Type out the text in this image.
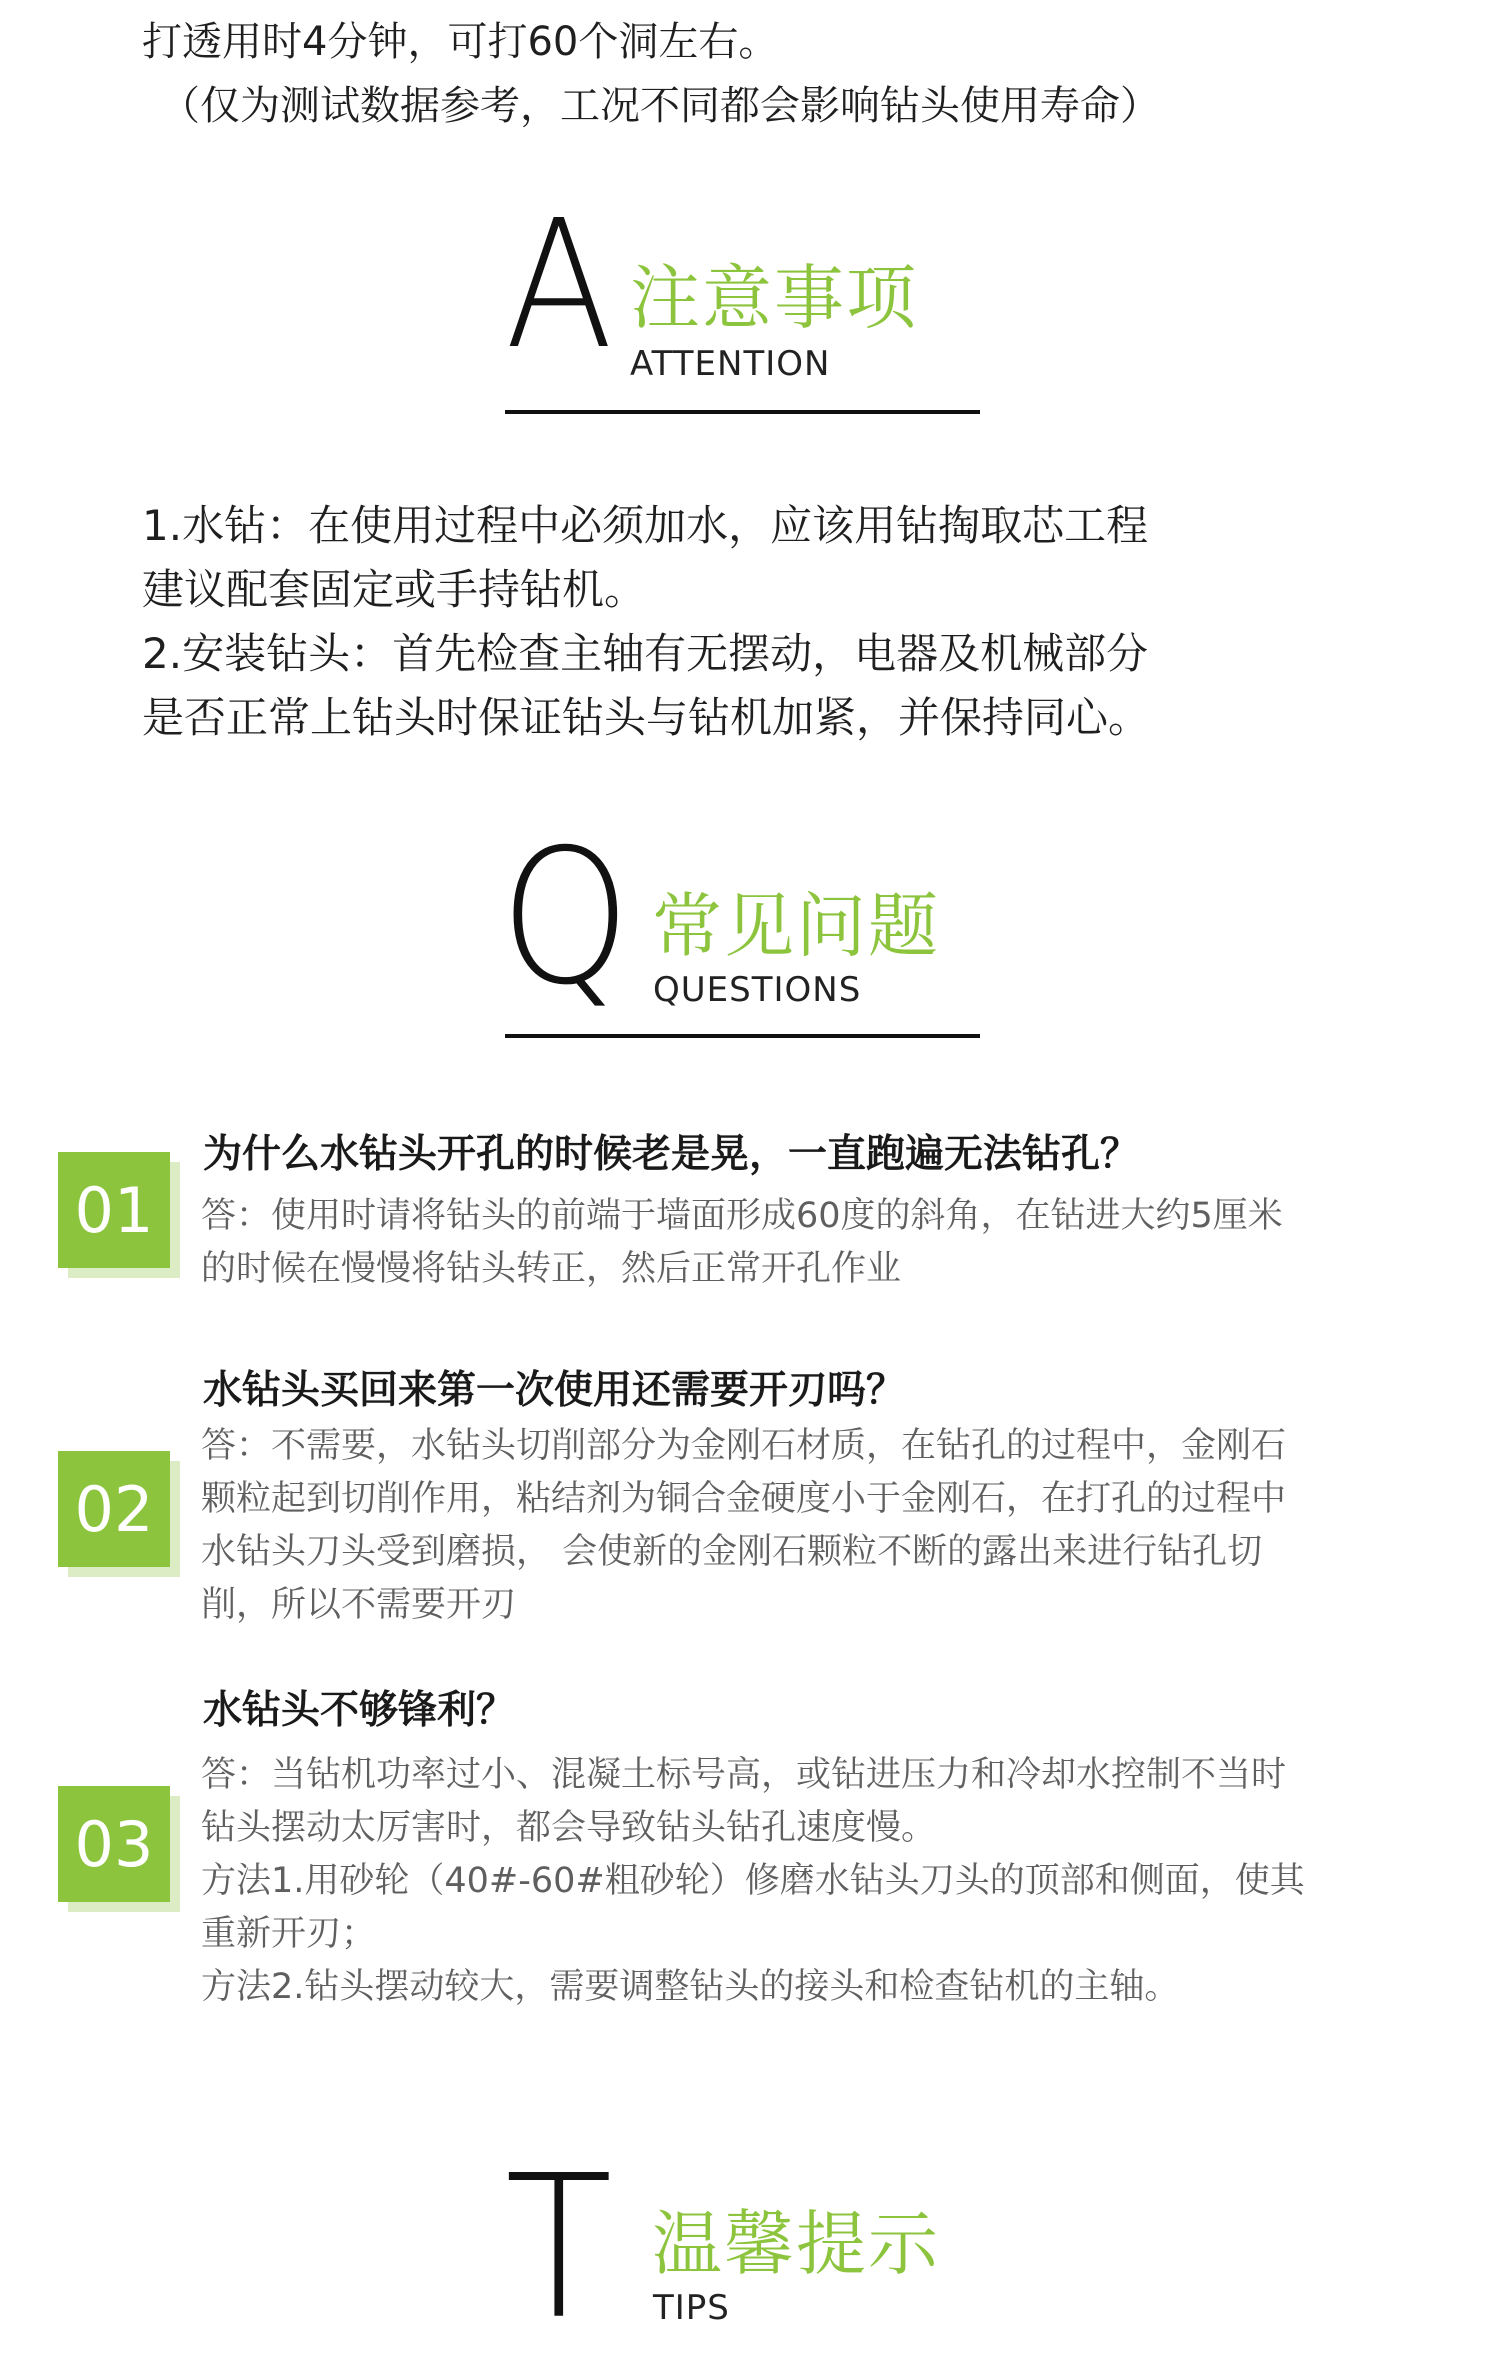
打透用时4分钟，可打60个洞左右。
（仅为测试数据参考，工况不同都会影响钻头使用寿命）
A 注意事项
ATTENTION
1.水钻：在使用过程中必须加水，应该用钻掏取芯工程
建议配套固定或手持钻机。
2.安装钻头：首先检查主轴有无摆动，电器及机械部分
是否正常上钻头时保证钻头与钻机加紧，并保持同心。
Q 常见问题
QUESTIONS
为什么水钻头开孔的时候老是晃，一直跑遍无法钻孔？
01	答：使用时请将钻头的前端于墙面形成60度的斜角，在钻进大约5厘米
的时候在慢慢将钻头转正，然后正常开孔作业
水钻头买回来第一次使用还需要开刃吗？
02
答：不需要，水钻头切削部分为金刚石材质，在钻孔的过程中，金刚石
颗粒起到切削作用，粘结剂为铜合金硬度小于金刚石，在打孔的过程中
水钻头刀头受到磨损， 会使新的金刚石颗粒不断的露出来进行钻孔切
削，所以不需要开刃
水钻头不够锋利？
03
答：当钻机功率过小、混凝土标号高，或钻进压力和冷却水控制不当时
钻头摆动太厉害时，都会导致钻头钻孔速度慢。
方法1.用砂轮（40#-60#粗砂轮）修磨水钻头刀头的顶部和侧面，使其
重新开刃；
方法2.钻头摆动较大，需要调整钻头的接头和检查钻机的主轴。
T 温馨提示
TIPS
